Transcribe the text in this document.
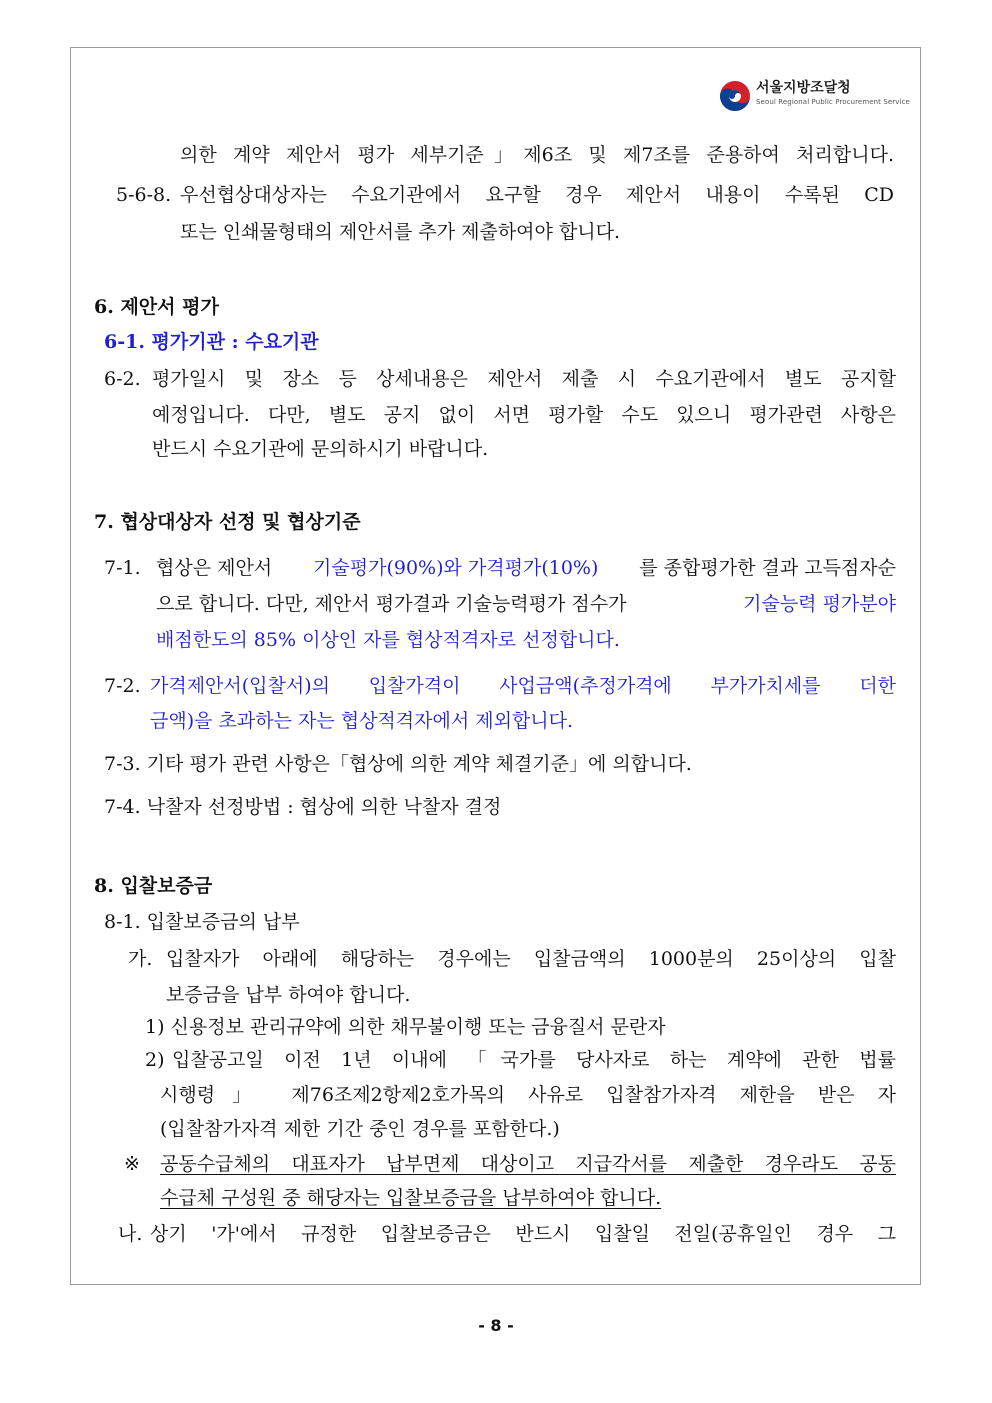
서울지방조달청
Seoul Regional Public Procurement Service
의한 계약 제안서 평가 세부기준」제6조 및 제7조를 준용하여 처리합니다.
5-6-8. 우선협상대상자는 수요기관에서 요구할 경우 제안서 내용이 수록된 CD
또는 인쇄물형태의 제안서를 추가 제출하여야 합니다.
6. 제안서 평가
6-1. 평가기관 : 수요기관
6-2. 평가일시 및 장소 등 상세내용은 제안서 제출 시 수요기관에서 별도 공지할
예정입니다. 다만, 별도 공지 없이 서면 평가할 수도 있으니 평가관련 사항은
반드시 수요기관에 문의하시기 바랍니다.
7. 협상대상자 선정 및 협상기준
7-1. 협상은 제안서 기술평가(90%)와 가격평가(10%) 를 종합평가한 결과 고득점자순
으로 합니다. 다만, 제안서 평가결과 기술능력평가 점수가	기술능력 평가분야
배점한도의 85% 이상인 자를 협상적격자로 선정합니다.
7-2. 가격제안서(입찰서)의 입찰가격이 사업금액(추정가격에 부가가치세를 더한
금액)을 초과하는 자는 협상적격자에서 제외합니다.
7-3. 기타 평가 관련 사항은「협상에 의한 계약 체결기준」에 의합니다.
7-4. 낙찰자 선정방법 : 협상에 의한 낙찰자 결정
8. 입찰보증금
8-1. 입찰보증금의 납부
가. 입찰자가 아래에 해당하는 경우에는 입찰금액의 1000분의 25이상의 입찰
보증금을 납부 하여야 합니다.
1) 신용정보 관리규약에 의한 채무불이행 또는 금융질서 문란자
2) 입찰공고일 이전 1년 이내에 「국가를 당사자로 하는 계약에 관한 법률
시행령」 제76조제2항제2호가목의 사유로 입찰참가자격 제한을 받은 자
(입찰참가자격 제한 기간 중인 경우를 포함한다.)
※ 공동수급체의 대표자가 납부면제 대상이고 지급각서를 제출한 경우라도 공동
수급체 구성원 중 해당자는 입찰보증금을 납부하여야 합니다.
나. 상기 '가'에서 규정한 입찰보증금은 반드시 입찰일 전일(공휴일인 경우 그
- 8 -
